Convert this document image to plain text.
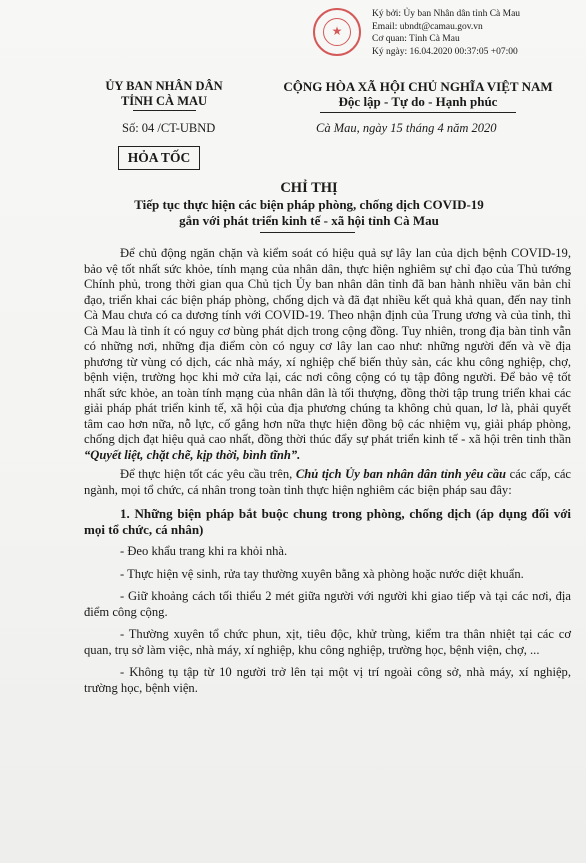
★
Ký bởi: Ủy ban Nhân dân tỉnh Cà Mau
Email: ubndt@camau.gov.vn
Cơ quan: Tỉnh Cà Mau
Ký ngày: 16.04.2020 00:37:05 +07:00
ỦY BAN NHÂN DÂN
TỈNH CÀ MAU
Số: 04 /CT-UBND
HỎA TỐC
CỘNG HÒA XÃ HỘI CHỦ NGHĨA VIỆT NAM
Độc lập - Tự do - Hạnh phúc
Cà Mau, ngày 15 tháng 4 năm 2020
CHỈ THỊ
Tiếp tục thực hiện các biện pháp phòng, chống dịch COVID-19
gắn với phát triển kinh tế - xã hội tỉnh Cà Mau

Để chủ động ngăn chặn và kiểm soát có hiệu quả sự lây lan của dịch bệnh COVID-19, bảo vệ tốt nhất sức khỏe, tính mạng của nhân dân, thực hiện nghiêm sự chỉ đạo của Thủ tướng Chính phủ, trong thời gian qua Chủ tịch Ủy ban nhân dân tỉnh đã ban hành nhiều văn bản chỉ đạo, triển khai các biện pháp phòng, chống dịch và đã đạt nhiều kết quả khả quan, đến nay tỉnh Cà Mau chưa có ca dương tính với COVID-19. Theo nhận định của Trung ương và của tỉnh, thì Cà Mau là tỉnh ít có nguy cơ bùng phát dịch trong cộng đồng. Tuy nhiên, trong địa bàn tỉnh vẫn có những nơi, những địa điểm còn có nguy cơ lây lan cao như: những người đến và về địa phương từ vùng có dịch, các nhà máy, xí nghiệp chế biến thủy sản, các khu công nghiệp, chợ, bệnh viện, trường học khi mở cửa lại, các nơi công cộng có tụ tập đông người. Để bảo vệ tốt nhất sức khỏe, an toàn tính mạng của nhân dân là tối thượng, đồng thời tập trung triển khai các giải pháp phát triển kinh tế, xã hội của địa phương chúng ta không chủ quan, lơ là, phải quyết tâm cao hơn nữa, nỗ lực, cố gắng hơn nữa thực hiện đồng bộ các nhiệm vụ, giải pháp phòng, chống dịch đạt hiệu quả cao nhất, đồng thời thúc đẩy sự phát triển kinh tế - xã hội trên tinh thần “Quyết liệt, chặt chẽ, kịp thời, bình tĩnh”.

Để thực hiện tốt các yêu cầu trên, Chủ tịch Ủy ban nhân dân tỉnh yêu cầu các cấp, các ngành, mọi tổ chức, cá nhân trong toàn tỉnh thực hiện nghiêm các biện pháp sau đây:

1. Những biện pháp bắt buộc chung trong phòng, chống dịch (áp dụng đối với mọi tổ chức, cá nhân)

- Đeo khẩu trang khi ra khỏi nhà.

- Thực hiện vệ sinh, rửa tay thường xuyên bằng xà phòng hoặc nước diệt khuẩn.

- Giữ khoảng cách tối thiểu 2 mét giữa người với người khi giao tiếp và tại các nơi, địa điểm công cộng.

- Thường xuyên tổ chức phun, xịt, tiêu độc, khử trùng, kiểm tra thân nhiệt tại các cơ quan, trụ sở làm việc, nhà máy, xí nghiệp, khu công nghiệp, trường học, bệnh viện, chợ, ...

- Không tụ tập từ 10 người trở lên tại một vị trí ngoài công sở, nhà máy, xí nghiệp, trường học, bệnh viện.
